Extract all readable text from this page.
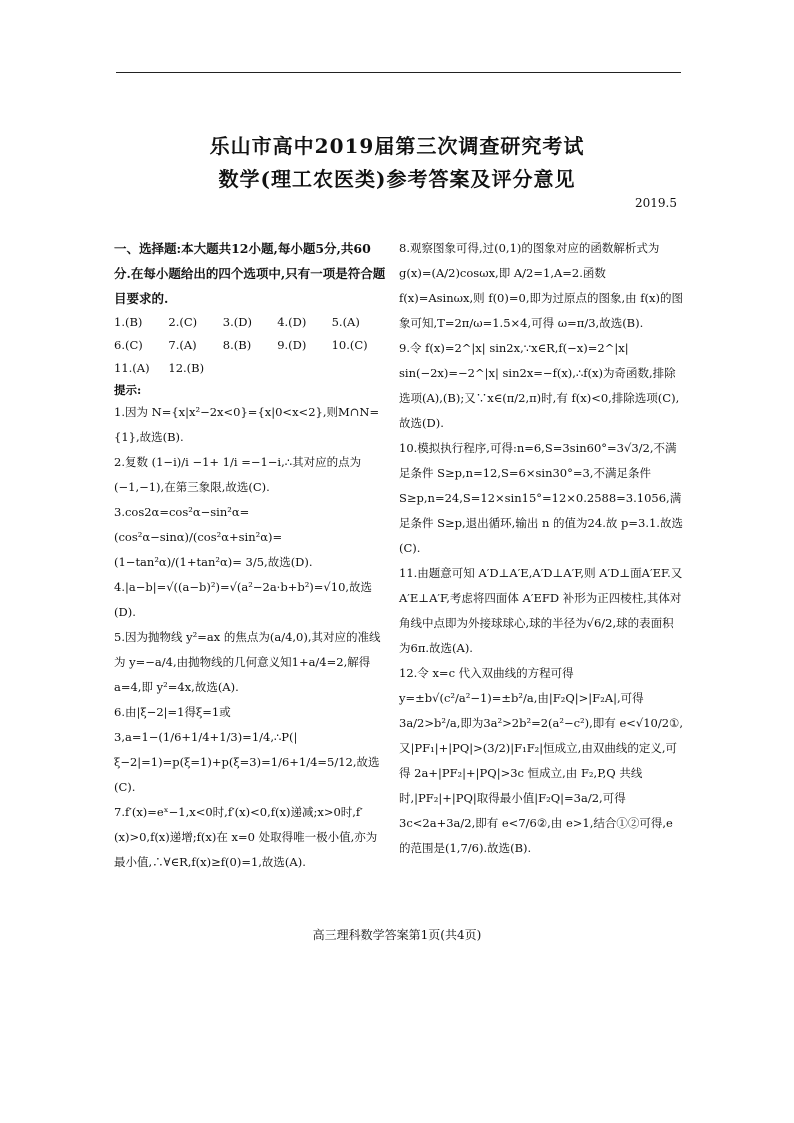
乐山市高中2019届第三次调查研究考试
数学(理工农医类)参考答案及评分意见
2019.5
一、选择题:本大题共12小题,每小题5分,共60分.在每小题给出的四个选项中,只有一项是符合题目要求的.
1.(B)	2.(C)	3.(D)	4.(D)	5.(A)
6.(C)	7.(A)	8.(B)	9.(D)	10.(C)
11.(A)	12.(B)
提示:

1.因为 N={x|x²−2x<0}={x|0<x<2},则M∩N={1},故选(B).

2.复数 (1−i)/i −1+ 1/i =−1−i,∴其对应的点为(−1,−1),在第三象限,故选(C).

3.cos2α=cos²α−sin²α=(cos²α−sinα)/(cos²α+sin²α)=(1−tan²α)/(1+tan²α)= 3/5,故选(D).

4.|a−b|=√((a−b)²)=√(a²−2a·b+b²)=√10,故选(D).

5.因为抛物线 y²=ax 的焦点为(a/4,0),其对应的准线为 y=−a/4,由抛物线的几何意义知1+a/4=2,解得 a=4,即 y²=4x,故选(A).

6.由|ξ−2|=1得ξ=1或3,a=1−(1/6+1/4+1/3)=1/4,∴P(|ξ−2|=1)=p(ξ=1)+p(ξ=3)=1/6+1/4=5/12,故选(C).

7.f′(x)=eˣ−1,x<0时,f′(x)<0,f(x)递减;x>0时,f′(x)>0,f(x)递增;f(x)在 x=0 处取得唯一极小值,亦为最小值,∴∀∈R,f(x)≥f(0)=1,故选(A).

8.观察图象可得,过(0,1)的图象对应的函数解析式为 g(x)=(A/2)cosωx,即 A/2=1,A=2.函数 f(x)=Asinωx,则 f(0)=0,即为过原点的图象,由 f(x)的图象可知,T=2π/ω=1.5×4,可得 ω=π/3,故选(B).

9.令 f(x)=2^|x| sin2x,∵x∈R,f(−x)=2^|x| sin(−2x)=−2^|x| sin2x=−f(x),∴f(x)为奇函数,排除选项(A),(B);又∵x∈(π/2,π)时,有 f(x)<0,排除选项(C),故选(D).

10.模拟执行程序,可得:n=6,S=3sin60°=3√3/2,不满足条件 S≥p,n=12,S=6×sin30°=3,不满足条件 S≥p,n=24,S=12×sin15°=12×0.2588=3.1056,满足条件 S≥p,退出循环,输出 n 的值为24.故 p=3.1.故选(C).

11.由题意可知 A′D⊥A′E,A′D⊥A′F,则 A′D⊥面A′EF.又 A′E⊥A′F,考虑将四面体 A′EFD 补形为正四棱柱,其体对角线中点即为外接球球心,球的半径为√6/2,球的表面积为6π.故选(A).

12.令 x=c 代入双曲线的方程可得 y=±b√(c²/a²−1)=±b²/a,由|F₂Q|>|F₂A|,可得 3a/2>b²/a,即为3a²>2b²=2(a²−c²),即有 e<√10/2①,又|PF₁|+|PQ|>(3/2)|F₁F₂|恒成立,由双曲线的定义,可得 2a+|PF₂|+|PQ|>3c 恒成立,由 F₂,P,Q 共线时,|PF₂|+|PQ|取得最小值|F₂Q|=3a/2,可得 3c<2a+3a/2,即有 e<7/6②,由 e>1,结合①②可得,e 的范围是(1,7/6).故选(B).

高三理科数学答案第1页(共4页)
